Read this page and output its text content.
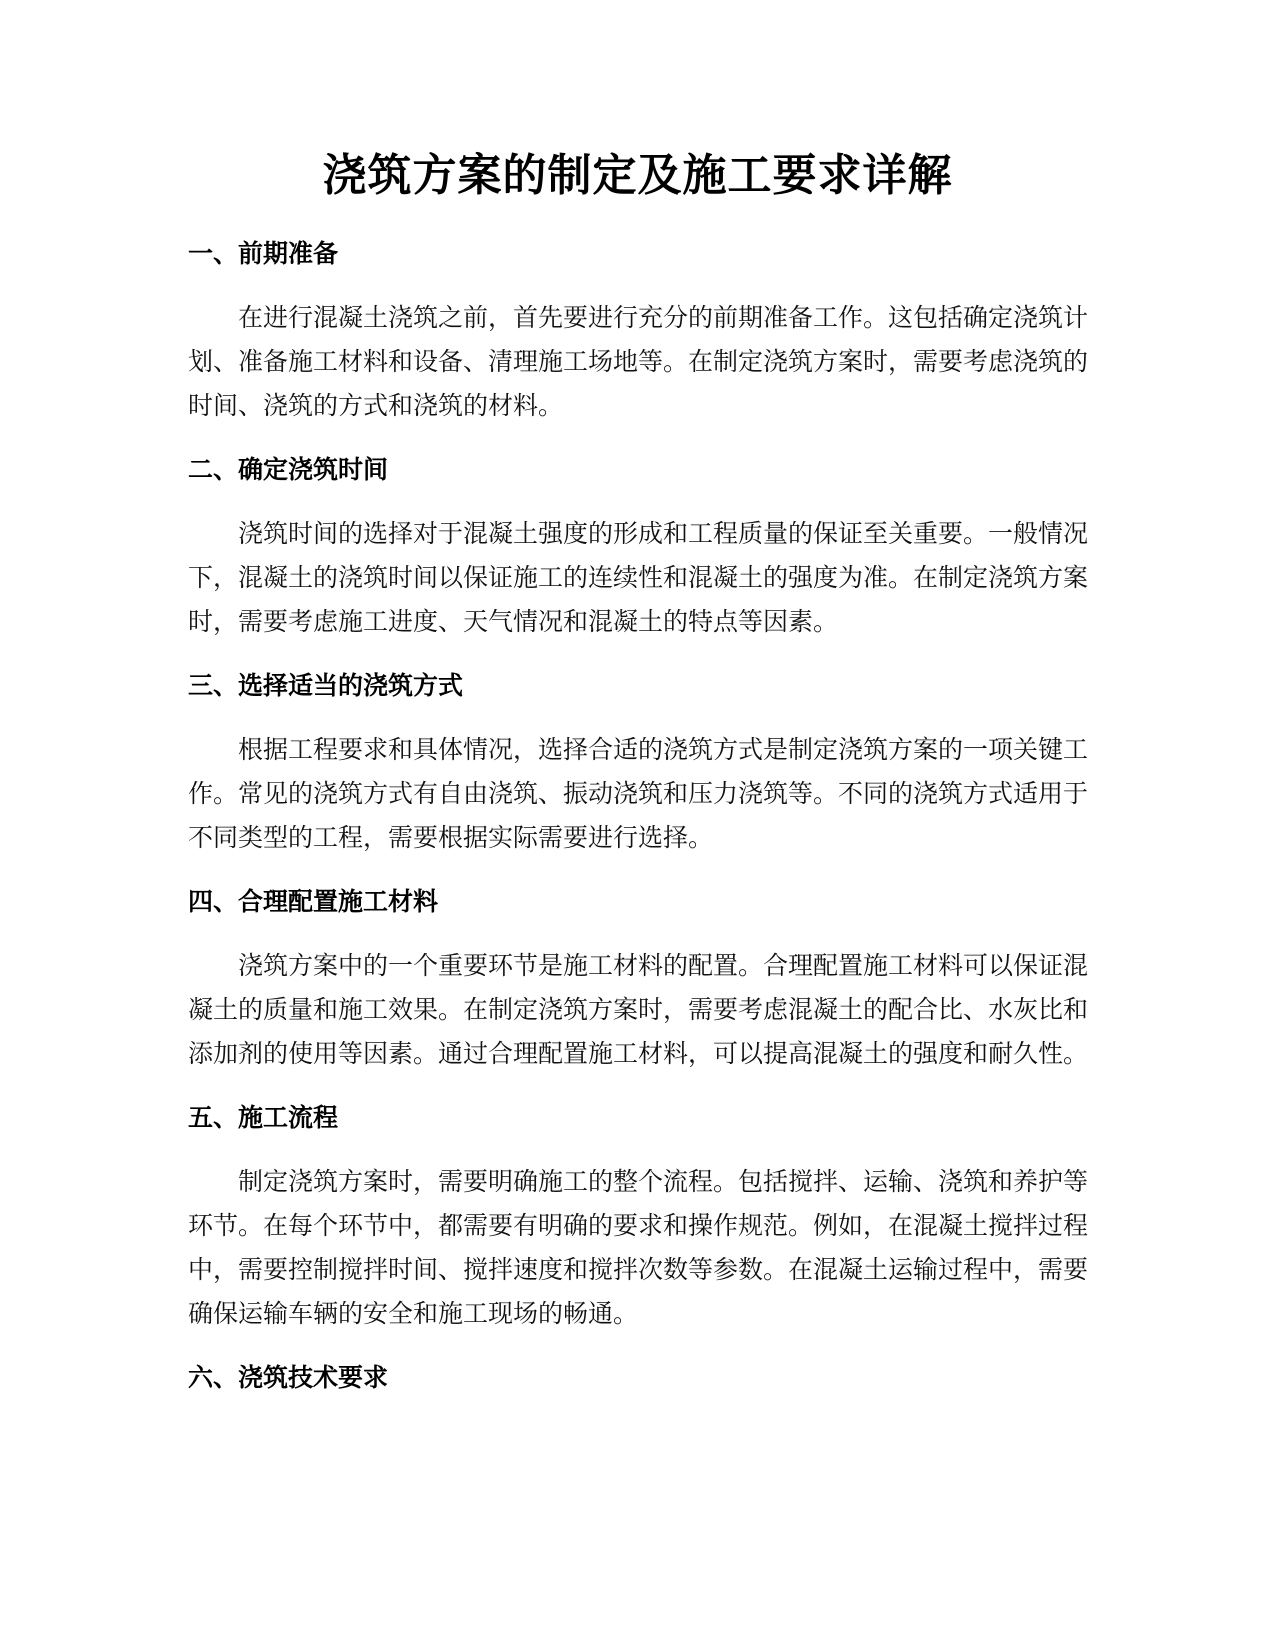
浇筑方案的制定及施工要求详解
一、前期准备

在进行混凝土浇筑之前，首先要进行充分的前期准备工作。这包括确定浇筑计划、准备施工材料和设备、清理施工场地等。在制定浇筑方案时，需要考虑浇筑的时间、浇筑的方式和浇筑的材料。

二、确定浇筑时间

浇筑时间的选择对于混凝土强度的形成和工程质量的保证至关重要。一般情况下，混凝土的浇筑时间以保证施工的连续性和混凝土的强度为准。在制定浇筑方案时，需要考虑施工进度、天气情况和混凝土的特点等因素。

三、选择适当的浇筑方式

根据工程要求和具体情况，选择合适的浇筑方式是制定浇筑方案的一项关键工作。常见的浇筑方式有自由浇筑、振动浇筑和压力浇筑等。不同的浇筑方式适用于不同类型的工程，需要根据实际需要进行选择。

四、合理配置施工材料

浇筑方案中的一个重要环节是施工材料的配置。合理配置施工材料可以保证混凝土的质量和施工效果。在制定浇筑方案时，需要考虑混凝土的配合比、水灰比和添加剂的使用等因素。通过合理配置施工材料，可以提高混凝土的强度和耐久性。

五、施工流程

制定浇筑方案时，需要明确施工的整个流程。包括搅拌、运输、浇筑和养护等环节。在每个环节中，都需要有明确的要求和操作规范。例如，在混凝土搅拌过程中，需要控制搅拌时间、搅拌速度和搅拌次数等参数。在混凝土运输过程中，需要确保运输车辆的安全和施工现场的畅通。

六、浇筑技术要求
